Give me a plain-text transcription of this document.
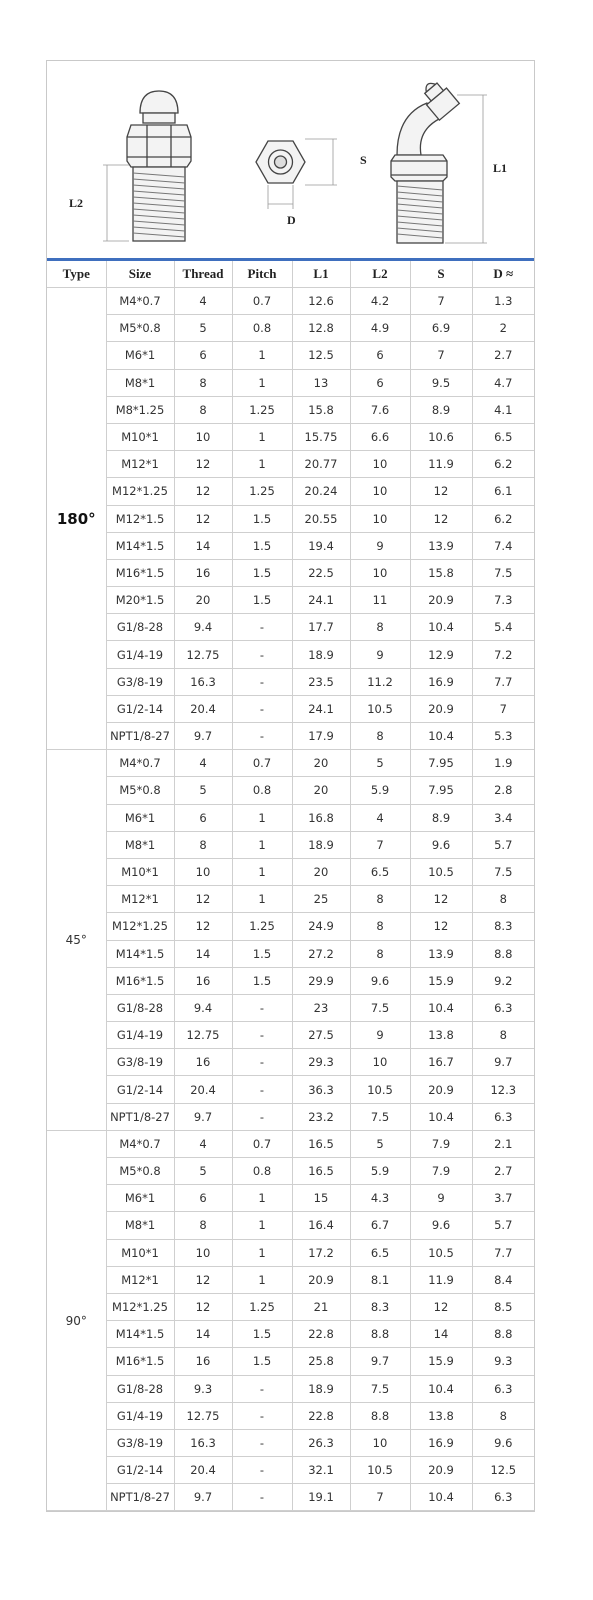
L2
D
S
L1
Type	Size	Thread	Pitch	L1	L2	S	D ≈
180°	M4*0.7	4	0.7	12.6	4.2	7	1.3
	M5*0.8	5	0.8	12.8	4.9	6.9	2
	M6*1	6	1	12.5	6	7	2.7
	M8*1	8	1	13	6	9.5	4.7
	M8*1.25	8	1.25	15.8	7.6	8.9	4.1
	M10*1	10	1	15.75	6.6	10.6	6.5
	M12*1	12	1	20.77	10	11.9	6.2
	M12*1.25	12	1.25	20.24	10	12	6.1
	M12*1.5	12	1.5	20.55	10	12	6.2
	M14*1.5	14	1.5	19.4	9	13.9	7.4
	M16*1.5	16	1.5	22.5	10	15.8	7.5
	M20*1.5	20	1.5	24.1	11	20.9	7.3
	G1/8-28	9.4	-	17.7	8	10.4	5.4
	G1/4-19	12.75	-	18.9	9	12.9	7.2
	G3/8-19	16.3	-	23.5	11.2	16.9	7.7
	G1/2-14	20.4	-	24.1	10.5	20.9	7
	NPT1/8-27	9.7	-	17.9	8	10.4	5.3
45°	M4*0.7	4	0.7	20	5	7.95	1.9
	M5*0.8	5	0.8	20	5.9	7.95	2.8
	M6*1	6	1	16.8	4	8.9	3.4
	M8*1	8	1	18.9	7	9.6	5.7
	M10*1	10	1	20	6.5	10.5	7.5
	M12*1	12	1	25	8	12	8
	M12*1.25	12	1.25	24.9	8	12	8.3
	M14*1.5	14	1.5	27.2	8	13.9	8.8
	M16*1.5	16	1.5	29.9	9.6	15.9	9.2
	G1/8-28	9.4	-	23	7.5	10.4	6.3
	G1/4-19	12.75	-	27.5	9	13.8	8
	G3/8-19	16	-	29.3	10	16.7	9.7
	G1/2-14	20.4	-	36.3	10.5	20.9	12.3
	NPT1/8-27	9.7	-	23.2	7.5	10.4	6.3
90°	M4*0.7	4	0.7	16.5	5	7.9	2.1
	M5*0.8	5	0.8	16.5	5.9	7.9	2.7
	M6*1	6	1	15	4.3	9	3.7
	M8*1	8	1	16.4	6.7	9.6	5.7
	M10*1	10	1	17.2	6.5	10.5	7.7
	M12*1	12	1	20.9	8.1	11.9	8.4
	M12*1.25	12	1.25	21	8.3	12	8.5
	M14*1.5	14	1.5	22.8	8.8	14	8.8
	M16*1.5	16	1.5	25.8	9.7	15.9	9.3
	G1/8-28	9.3	-	18.9	7.5	10.4	6.3
	G1/4-19	12.75	-	22.8	8.8	13.8	8
	G3/8-19	16.3	-	26.3	10	16.9	9.6
	G1/2-14	20.4	-	32.1	10.5	20.9	12.5
	NPT1/8-27	9.7	-	19.1	7	10.4	6.3
